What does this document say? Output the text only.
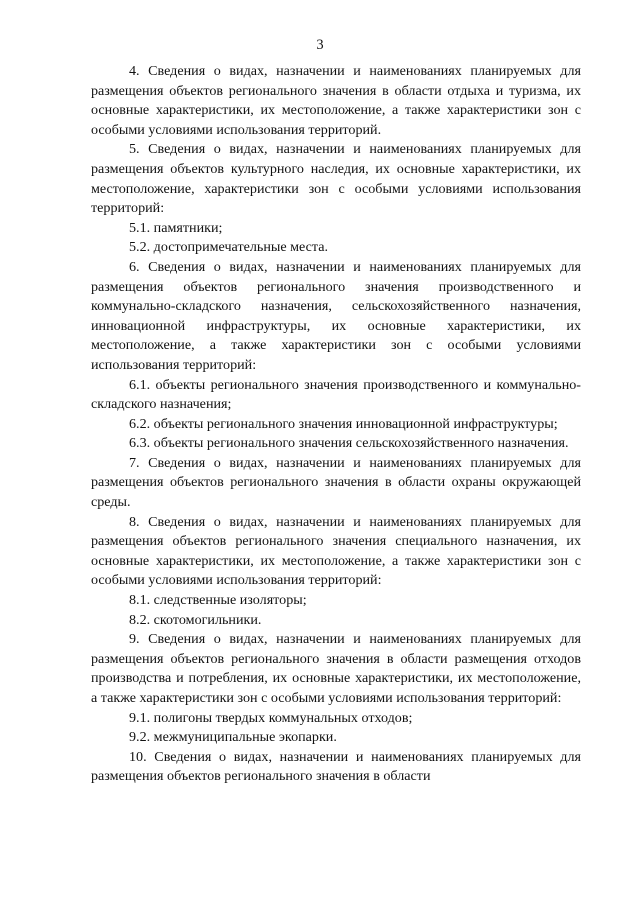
3

4. Сведения о видах, назначении и наименованиях планируемых для размещения объектов регионального значения в области отдыха и туризма, их основные характеристики, их местоположение, а также характеристики зон с особыми условиями использования территорий.

5. Сведения о видах, назначении и наименованиях планируемых для размещения объектов культурного наследия, их основные характеристики, их местоположение, характеристики зон с особыми условиями использования территорий:

5.1. памятники;

5.2. достопримечательные места.

6. Сведения о видах, назначении и наименованиях планируемых для размещения объектов регионального значения производственного и коммунально-складского назначения, сельскохозяйственного назначения, инновационной инфраструктуры, их основные характеристики, их местоположение, а также характеристики зон с особыми условиями использования территорий:

6.1. объекты регионального значения производственного и коммунально-складского назначения;

6.2. объекты регионального значения инновационной инфраструктуры;

6.3. объекты регионального значения сельскохозяйственного назначения.

7. Сведения о видах, назначении и наименованиях планируемых для размещения объектов регионального значения в области охраны окружающей среды.

8. Сведения о видах, назначении и наименованиях планируемых для размещения объектов регионального значения специального назначения, их основные характеристики, их местоположение, а также характеристики зон с особыми условиями использования территорий:

8.1. следственные изоляторы;

8.2. скотомогильники.

9. Сведения о видах, назначении и наименованиях планируемых для размещения объектов регионального значения в области размещения отходов производства и потребления, их основные характеристики, их местоположение, а также характеристики зон с особыми условиями использования территорий:

9.1. полигоны твердых коммунальных отходов;

9.2. межмуниципальные экопарки.

10. Сведения о видах, назначении и наименованиях планируемых для размещения объектов регионального значения в области
